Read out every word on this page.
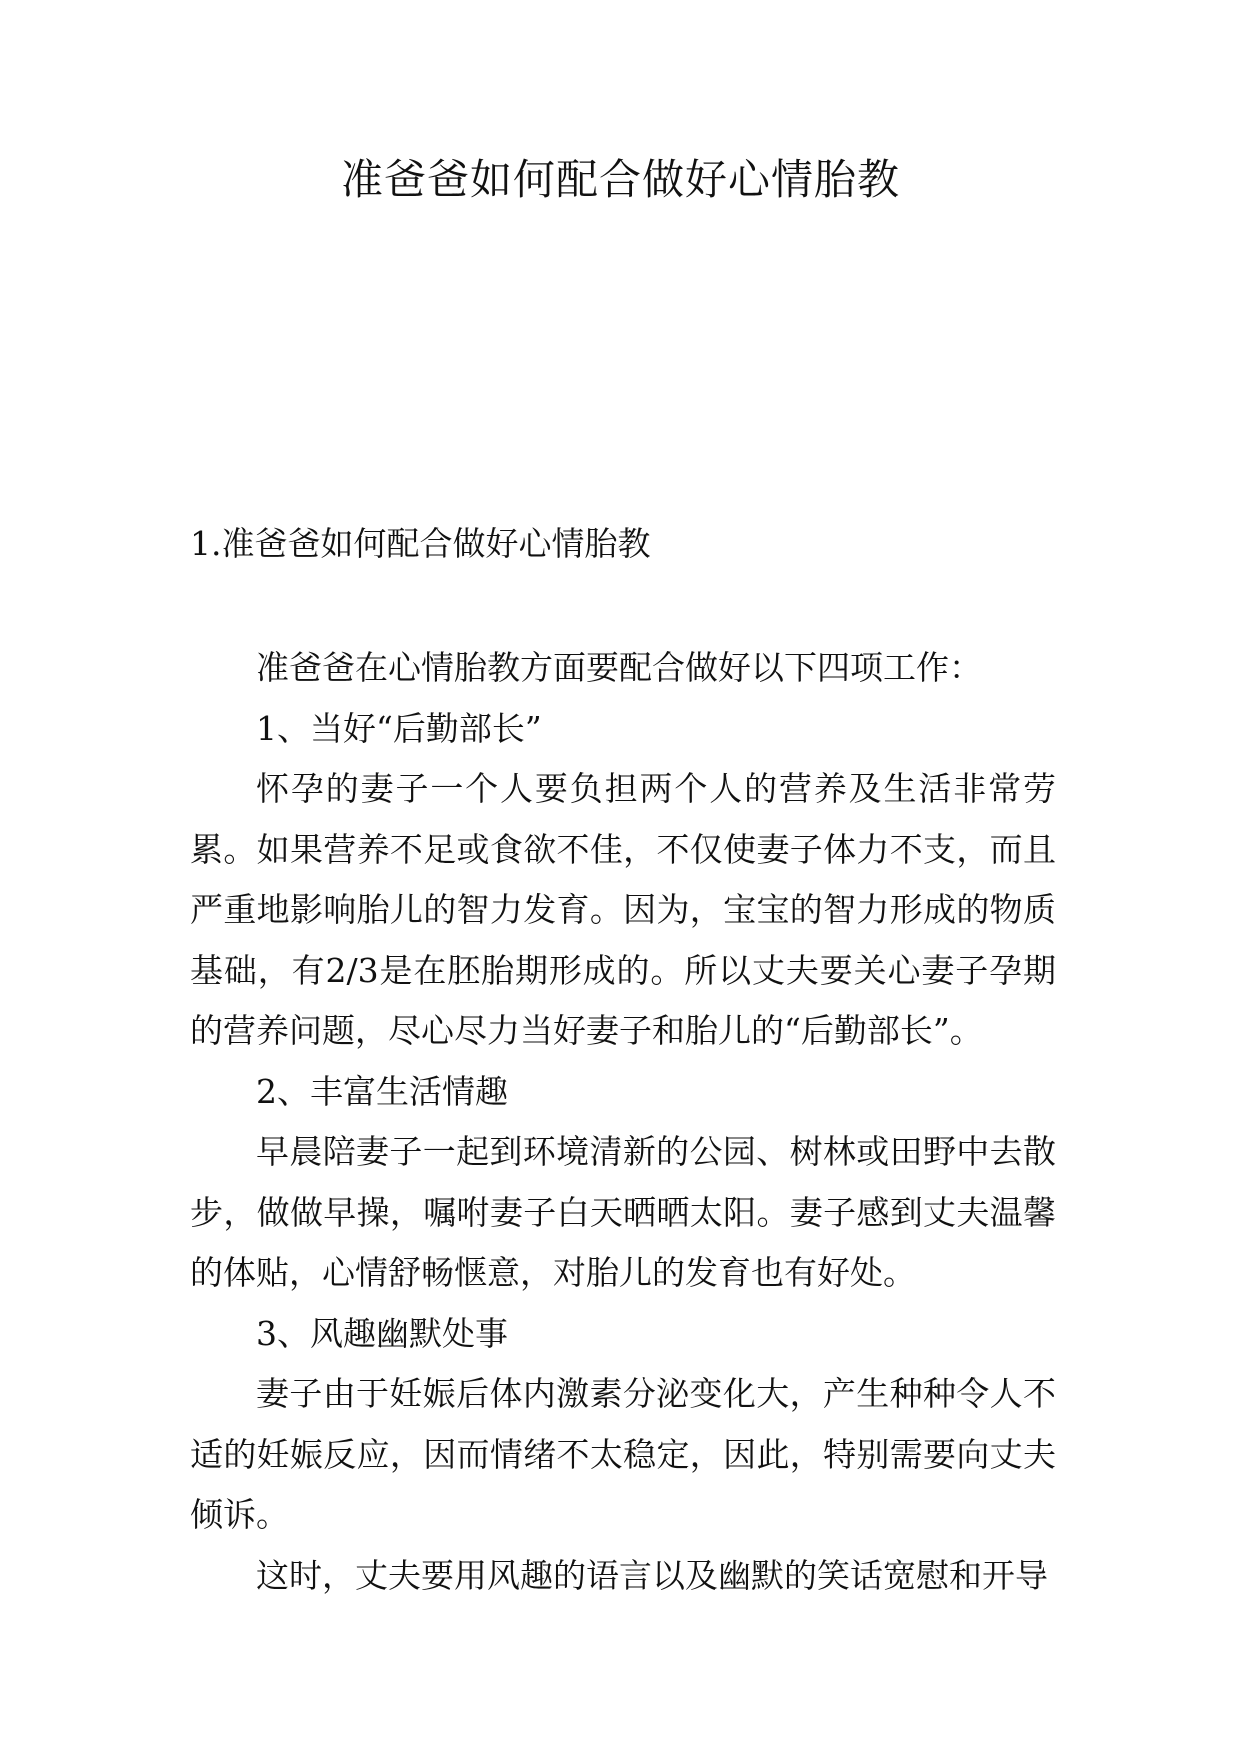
准爸爸如何配合做好心情胎教
1.准爸爸如何配合做好心情胎教

准爸爸在心情胎教方面要配合做好以下四项工作：

1、当好“后勤部长”

怀孕的妻子一个人要负担两个人的营养及生活非常劳累。如果营养不足或食欲不佳，不仅使妻子体力不支，而且严重地影响胎儿的智力发育。因为，宝宝的智力形成的物质基础，有2/3是在胚胎期形成的。所以丈夫要关心妻子孕期的营养问题，尽心尽力当好妻子和胎儿的“后勤部长”。

2、丰富生活情趣

早晨陪妻子一起到环境清新的公园、树林或田野中去散步，做做早操，嘱咐妻子白天晒晒太阳。妻子感到丈夫温馨的体贴，心情舒畅惬意，对胎儿的发育也有好处。

3、风趣幽默处事

妻子由于妊娠后体内激素分泌变化大，产生种种令人不适的妊娠反应，因而情绪不太稳定，因此，特别需要向丈夫倾诉。

这时，丈夫要用风趣的语言以及幽默的笑话宽慰和开导
